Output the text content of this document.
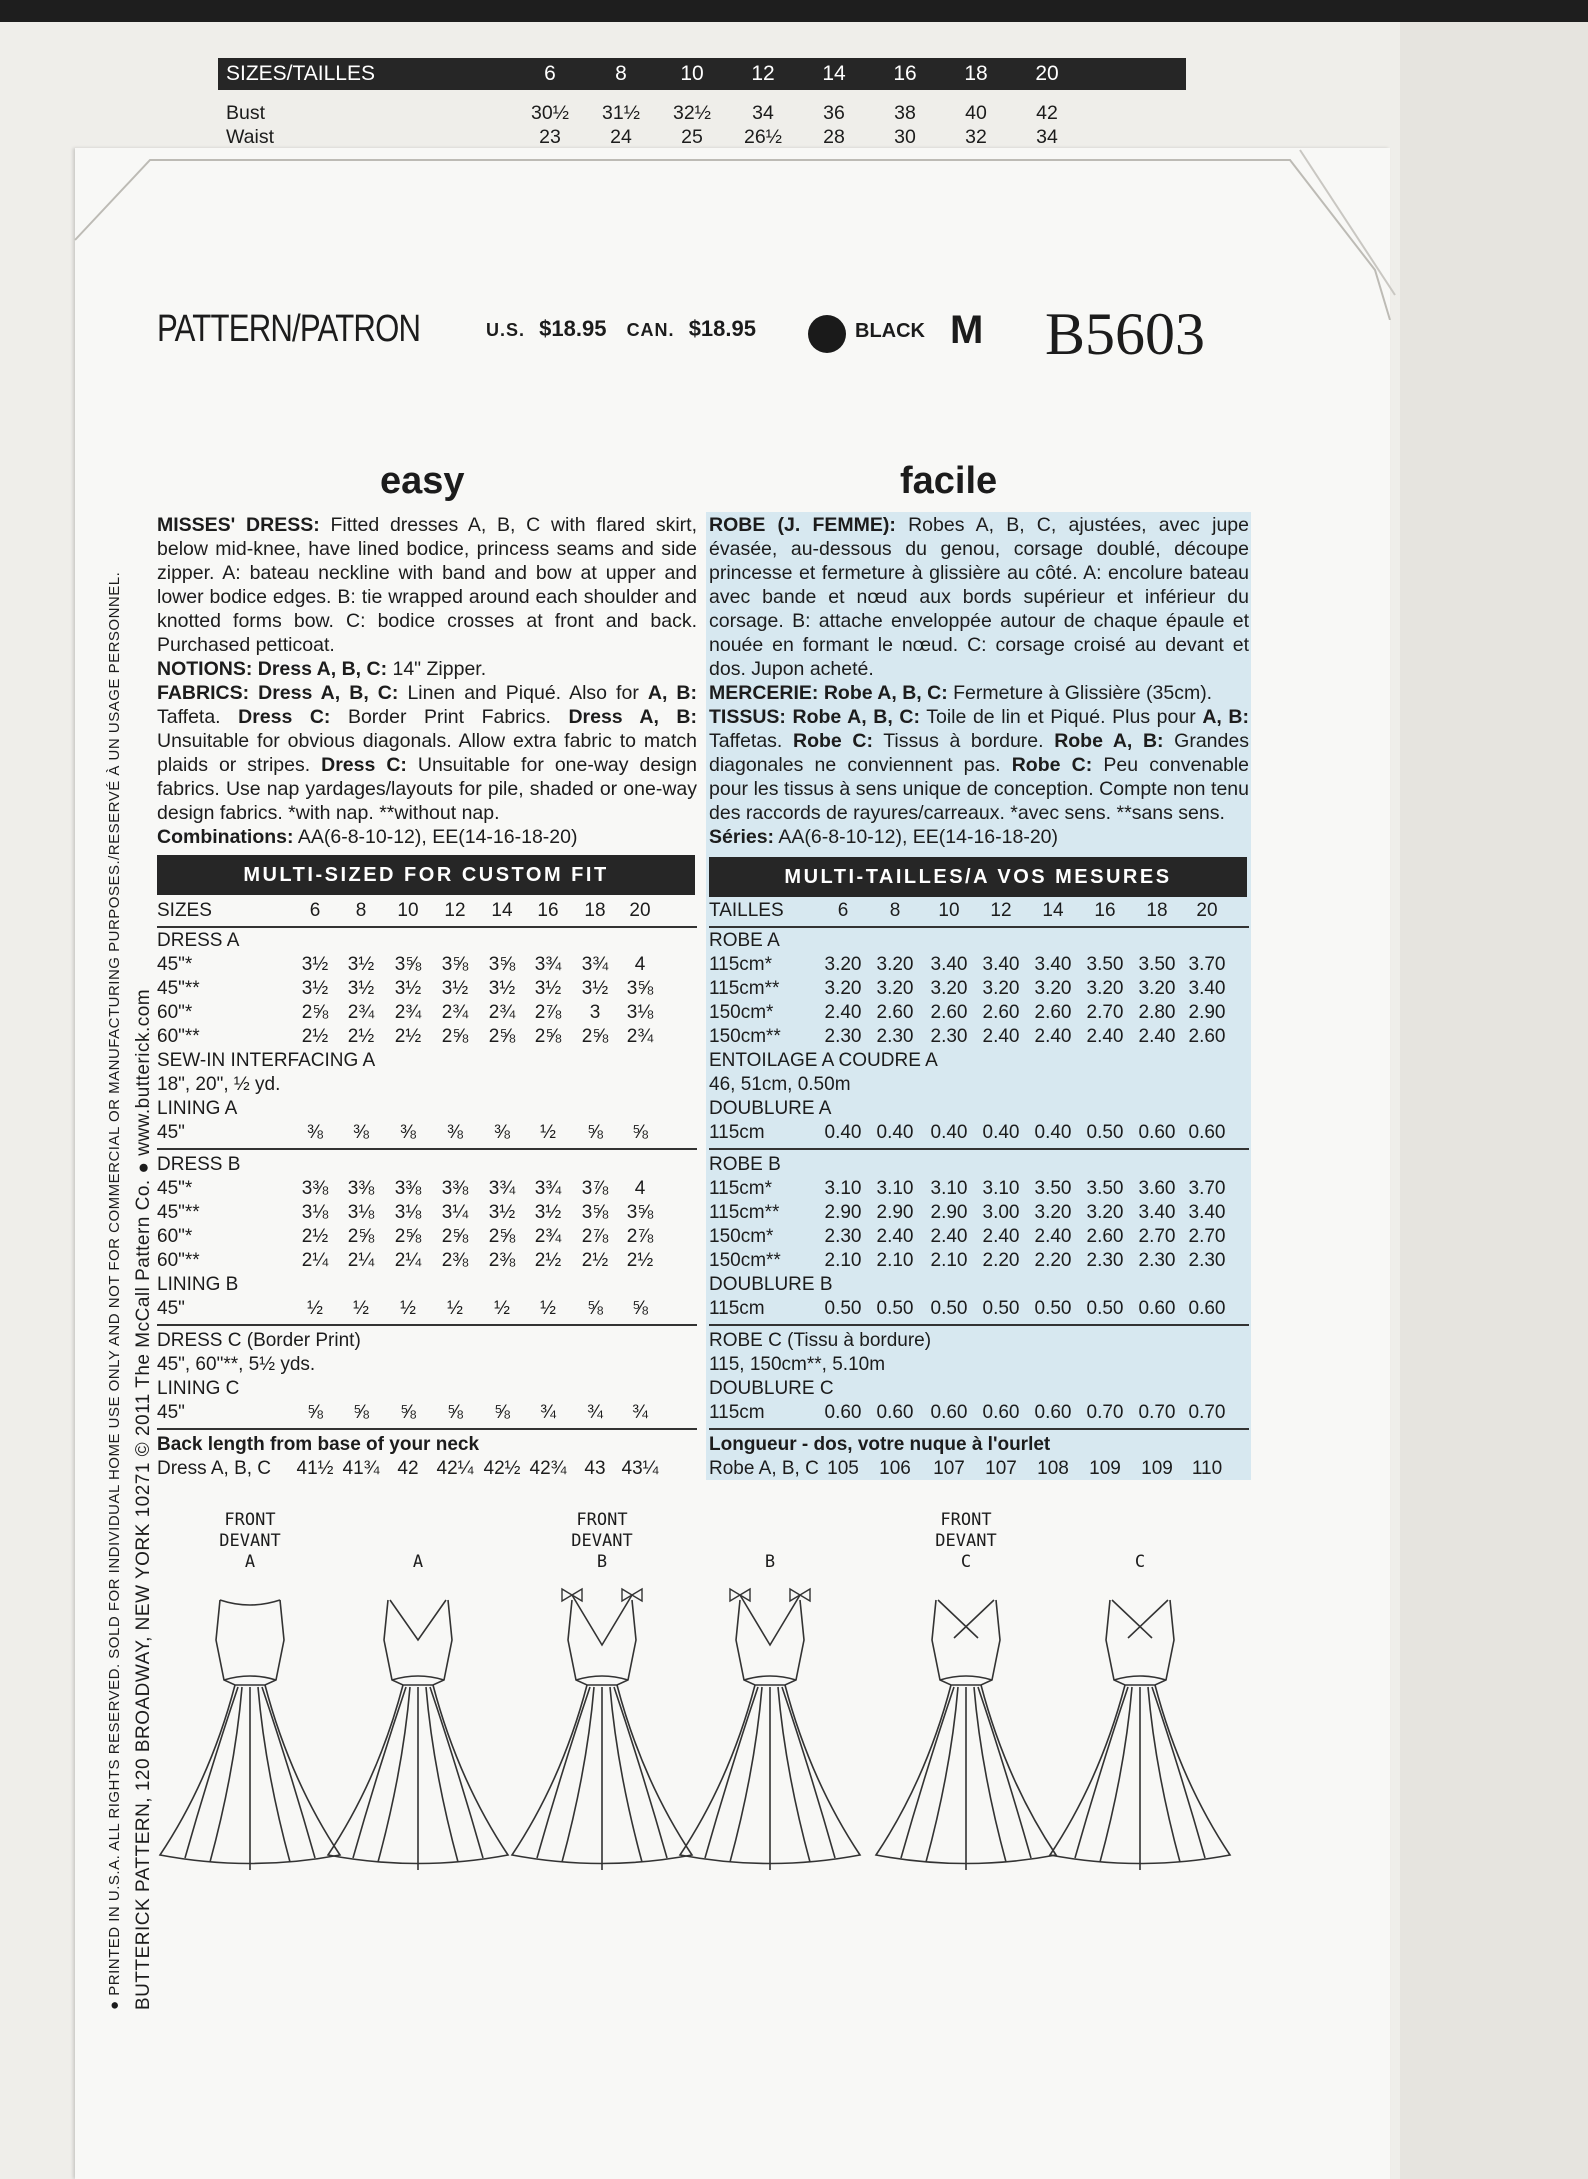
SIZES/TAILLES	6	8	10	12	14	16	18	20
Bust	30½ 31½ 32½	34	36	38	40	42
Waist	23	24	25	26½	28	30	32	34
PATTERN/PATRON	U.S. $18.95 CAN. $18.95	BLACK M B5603
easy	facile
MISSES' DRESS: Fitted dresses A, B, C with flared skirt, below mid-knee, have lined bodice, princess seams and side zipper. A: bateau neckline with band and bow at upper and lower bodice edges. B: tie wrapped around each shoulder and knotted forms bow. C: bodice crosses at front and back. Purchased petticoat.
NOTIONS: Dress A, B, C: 14" Zipper.
FABRICS: Dress A, B, C: Linen and Piqué. Also for A, B: Taffeta. Dress C: Border Print Fabrics. Dress A, B: Unsuitable for obvious diagonals. Allow extra fabric to match plaids or stripes. Dress C: Unsuitable for one-way design fabrics. Use nap yardages/layouts for pile, shaded or one-way design fabrics. *with nap. **without nap.
Combinations: AA(6-8-10-12), EE(14-16-18-20)
ROBE (J. FEMME): Robes A, B, C, ajustées, avec jupe évasée, au-dessous du genou, corsage doublé, découpe princesse et fermeture à glissière au côté. A: encolure bateau avec bande et nœud aux bords supérieur et inférieur du corsage. B: attache enveloppée autour de chaque épaule et nouée en formant le nœud. C: corsage croisé au devant et dos. Jupon acheté.
MERCERIE: Robe A, B, C: Fermeture à Glissière (35cm).
TISSUS: Robe A, B, C: Toile de lin et Piqué. Plus pour A, B: Taffetas. Robe C: Tissus à bordure. Robe A, B: Grandes diagonales ne conviennent pas. Robe C: Peu convenable pour les tissus à sens unique de conception. Compte non tenu des raccords de rayures/carreaux. *avec sens. **sans sens.
Séries: AA(6-8-10-12), EE(14-16-18-20)
MULTI-SIZED FOR CUSTOM FIT	MULTI-TAILLES/A VOS MESURES
SIZES	6	8	10	12	14	16	18	20
DRESS A
45"*	3½	3½	3⅝	3⅝	3⅝	3¾	3¾	4
45"**	3½	3½	3½	3½	3½	3½	3½ 3⅝
60"*	2⅝	2¾	2¾	2¾	2¾	2⅞	3	3⅛
60"**	2½	2½	2½	2⅝	2⅝	2⅝	2⅝ 2¾
SEW-IN INTERFACING A
18", 20", ½ yd.
LINING A
45"	⅜	⅜	⅜	⅜	⅜	½	⅝	⅝
DRESS B
45"*	3⅜	3⅜	3⅜	3⅜	3¾	3¾	3⅞	4
45"**	3⅛	3⅛	3⅛	3¼	3½	3½	3⅝ 3⅝
60"*	2½	2⅝	2⅝	2⅝	2⅝	2¾	2⅞ 2⅞
60"**	2¼	2¼	2¼	2⅜	2⅜	2½	2½ 2½
LINING B
45"	½	½	½	½	½	½	⅝	⅝
DRESS C (Border Print)
45", 60"**, 5½ yds.
LINING C
45"	⅝	⅝	⅝	⅝	⅝	¾	¾	¾
Back length from base of your neck
Dress A, B, C 41½ 41¾ 42 42¼ 42½ 42¾ 43 43¼
TAILLES	6	8	10	12	14	16	18	20
ROBE A
115cm*	3.20 3.20 3.40 3.40 3.40 3.50 3.50 3.70
115cm** 3.20 3.20 3.20 3.20 3.20 3.20 3.20 3.40
150cm*	2.40 2.60 2.60 2.60 2.60 2.70 2.80 2.90
150cm** 2.30 2.30 2.30 2.40 2.40 2.40 2.40 2.60
ENTOILAGE A COUDRE A
46, 51cm, 0.50m
DOUBLURE A
115cm	0.40 0.40 0.40 0.40 0.40 0.50 0.60 0.60
ROBE B
115cm*	3.10 3.10 3.10 3.10 3.50 3.50 3.60 3.70
115cm** 2.90 2.90 2.90 3.00 3.20 3.20 3.40 3.40
150cm*	2.30 2.40 2.40 2.40 2.40 2.60 2.70 2.70
150cm** 2.10 2.10 2.10 2.20 2.20 2.30 2.30 2.30
DOUBLURE B
115cm	0.50 0.50 0.50 0.50 0.50 0.50 0.60 0.60
ROBE C (Tissu à bordure)
115, 150cm**, 5.10m
DOUBLURE C
115cm	0.60 0.60 0.60 0.60 0.60 0.70 0.70 0.70
Longueur - dos, votre nuque à l'ourlet
Robe A, B, C 105	106	107	107	108	109	109	110
FRONT
DEVANT
A	A
FRONT
DEVANT
B	B
FRONT
DEVANT
C	C
● PRINTED IN U.S.A. ALL RIGHTS RESERVED. SOLD FOR INDIVIDUAL HOME USE ONLY AND NOT FOR COMMERCIAL OR MANUFACTURING PURPOSES./RESERVÉ À UN USAGE PERSONNEL. BUTTERICK PATTERN, 120 BROADWAY, NEW YORK 10271 © 2011 The McCall Pattern Co. ● www.butterick.com
